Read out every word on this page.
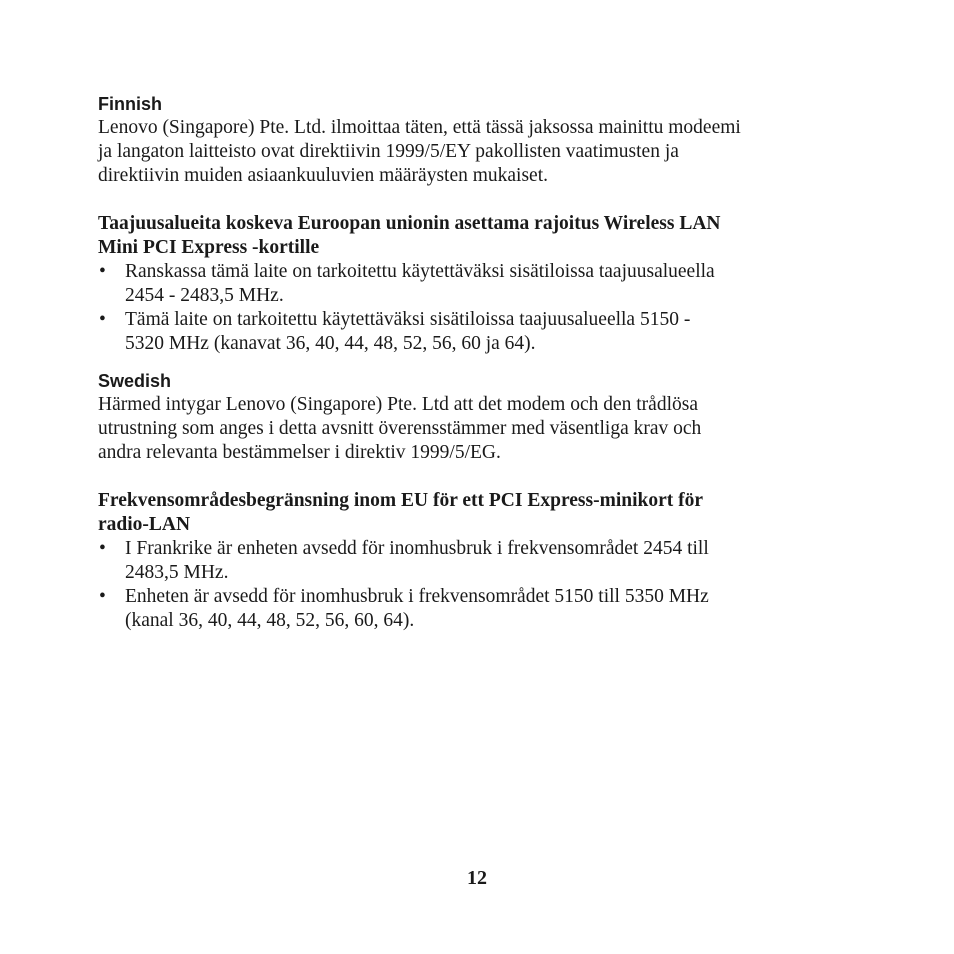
Finnish

Lenovo (Singapore) Pte. Ltd. ilmoittaa täten, että tässä jaksossa mainittu modeemi
ja langaton laitteisto ovat direktiivin 1999/5/EY pakollisten vaatimusten ja
direktiivin muiden asiaankuuluvien määräysten mukaiset.

Taajuusalueita koskeva Euroopan unionin asettama rajoitus Wireless LAN
Mini PCI Express -kortille

• Ranskassa tämä laite on tarkoitettu käytettäväksi sisätiloissa taajuusalueella
2454 - 2483,5 MHz.
• Tämä laite on tarkoitettu käytettäväksi sisätiloissa taajuusalueella 5150 -
5320 MHz (kanavat 36, 40, 44, 48, 52, 56, 60 ja 64).
Swedish

Härmed intygar Lenovo (Singapore) Pte. Ltd att det modem och den trådlösa
utrustning som anges i detta avsnitt överensstämmer med väsentliga krav och
andra relevanta bestämmelser i direktiv 1999/5/EG.

Frekvensområdesbegränsning inom EU för ett PCI Express-minikort för
radio-LAN

• I Frankrike är enheten avsedd för inomhusbruk i frekvensområdet 2454 till
2483,5 MHz.
• Enheten är avsedd för inomhusbruk i frekvensområdet 5150 till 5350 MHz
(kanal 36, 40, 44, 48, 52, 56, 60, 64).
12
